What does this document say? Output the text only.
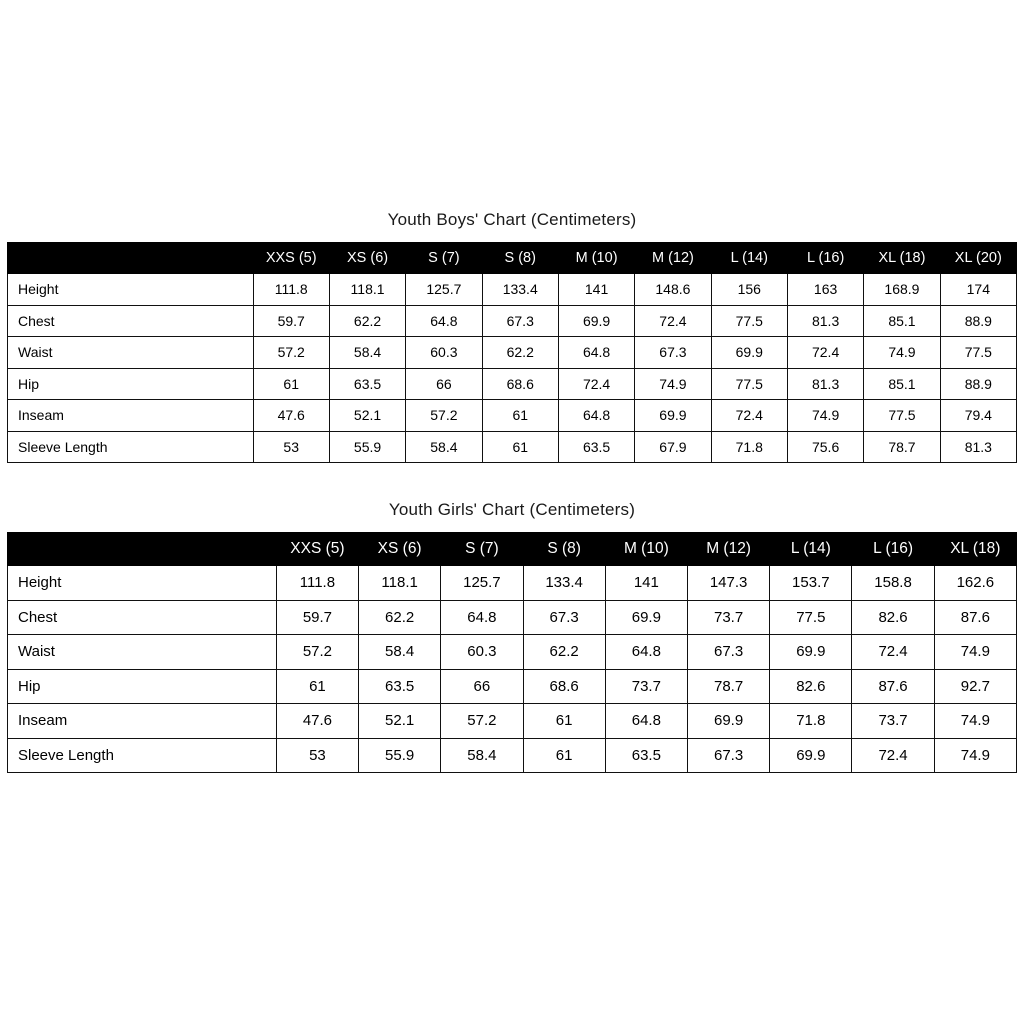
Youth Boys' Chart (Centimeters)
	XXS (5)	XS (6)	S (7)	S (8)	M (10)	M (12)	L (14)	L (16)	XL (18)	XL (20)
Height	111.8	118.1	125.7	133.4	141	148.6	156	163	168.9	174
Chest	59.7	62.2	64.8	67.3	69.9	72.4	77.5	81.3	85.1	88.9
Waist	57.2	58.4	60.3	62.2	64.8	67.3	69.9	72.4	74.9	77.5
Hip	61	63.5	66	68.6	72.4	74.9	77.5	81.3	85.1	88.9
Inseam	47.6	52.1	57.2	61	64.8	69.9	72.4	74.9	77.5	79.4
Sleeve Length	53	55.9	58.4	61	63.5	67.9	71.8	75.6	78.7	81.3
Youth Girls' Chart (Centimeters)
	XXS (5)	XS (6)	S (7)	S (8)	M (10)	M (12)	L (14)	L (16)	XL (18)
Height	111.8	118.1	125.7	133.4	141	147.3	153.7	158.8	162.6
Chest	59.7	62.2	64.8	67.3	69.9	73.7	77.5	82.6	87.6
Waist	57.2	58.4	60.3	62.2	64.8	67.3	69.9	72.4	74.9
Hip	61	63.5	66	68.6	73.7	78.7	82.6	87.6	92.7
Inseam	47.6	52.1	57.2	61	64.8	69.9	71.8	73.7	74.9
Sleeve Length	53	55.9	58.4	61	63.5	67.3	69.9	72.4	74.9
